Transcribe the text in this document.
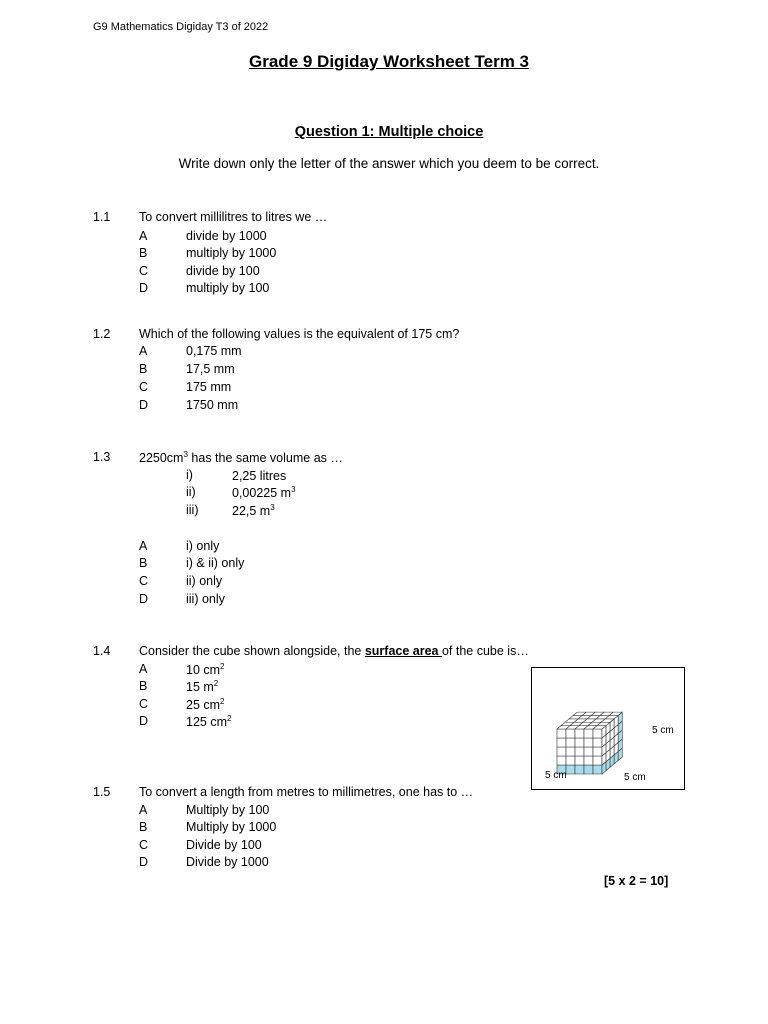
G9 Mathematics Digiday T3 of 2022
Grade 9 Digiday Worksheet Term 3
Question 1: Multiple choice
Write down only the letter of the answer which you deem to be correct.
1.1 To convert millilitres to litres we …
A	divide by 1000
B	multiply by 1000
C	divide by 100
D	multiply by 100
1.2 Which of the following values is the equivalent of 175 cm?
A	0,175 mm
B	17,5 mm
C	175 mm
D	1750 mm
1.3 $2250cm^3$ has the same volume as …
i)	2,25 litres
ii)	0,00225 $m^3$
iii)	22,5 $m^3$
A	i) only
B	i) & ii) only
C	ii) only
D	iii) only
1.4 Consider the cube shown alongside, the surface area of the cube is…
A	10 $cm^2$
B	15 $m^2$
C	25 $cm^2$
D	125 $cm^2$
5 cm
5 cm	5 cm
1.5 To convert a length from metres to millimetres, one has to …
A	Multiply by 100
B	Multiply by 1000
C	Divide by 100
D	Divide by 1000
[5 x 2 = 10]
